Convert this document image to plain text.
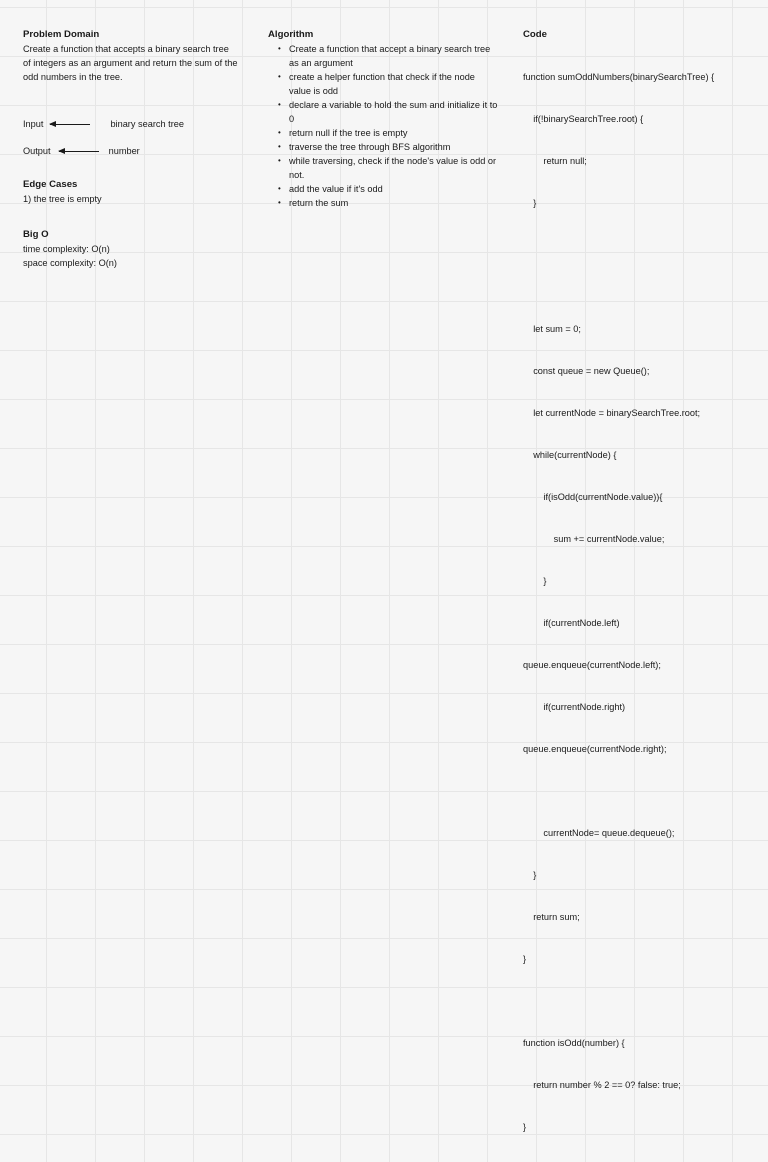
Problem Domain
Create a function that accepts a binary search tree of integers as an argument and return the sum of the odd numbers in the tree.
Input	binary search tree
Output	number
Edge Cases
1) the tree is empty
Big O
time complexity: O(n)
space complexity: O(n)
Algorithm
• Create a function that accept a binary search tree as an argument
• create a helper function that check if the node value is odd
• declare a variable to hold the sum and initialize it to 0
• return null if the tree is empty
• traverse the tree through BFS algorithm
• while traversing, check if the node's value is odd or not.
• add the value if it's odd
• return the sum
Code

function sumOddNumbers(binarySearchTree) {

if(!binarySearchTree.root) {

return null;

}

let sum = 0;

const queue = new Queue();

let currentNode = binarySearchTree.root;

while(currentNode) {

if(isOdd(currentNode.value)){

sum += currentNode.value;

}

if(currentNode.left)

queue.enqueue(currentNode.left);

if(currentNode.right)

queue.enqueue(currentNode.right);

currentNode= queue.dequeue();

}

return sum;

}

function isOdd(number) {

return number % 2 == 0? false: true;

}
